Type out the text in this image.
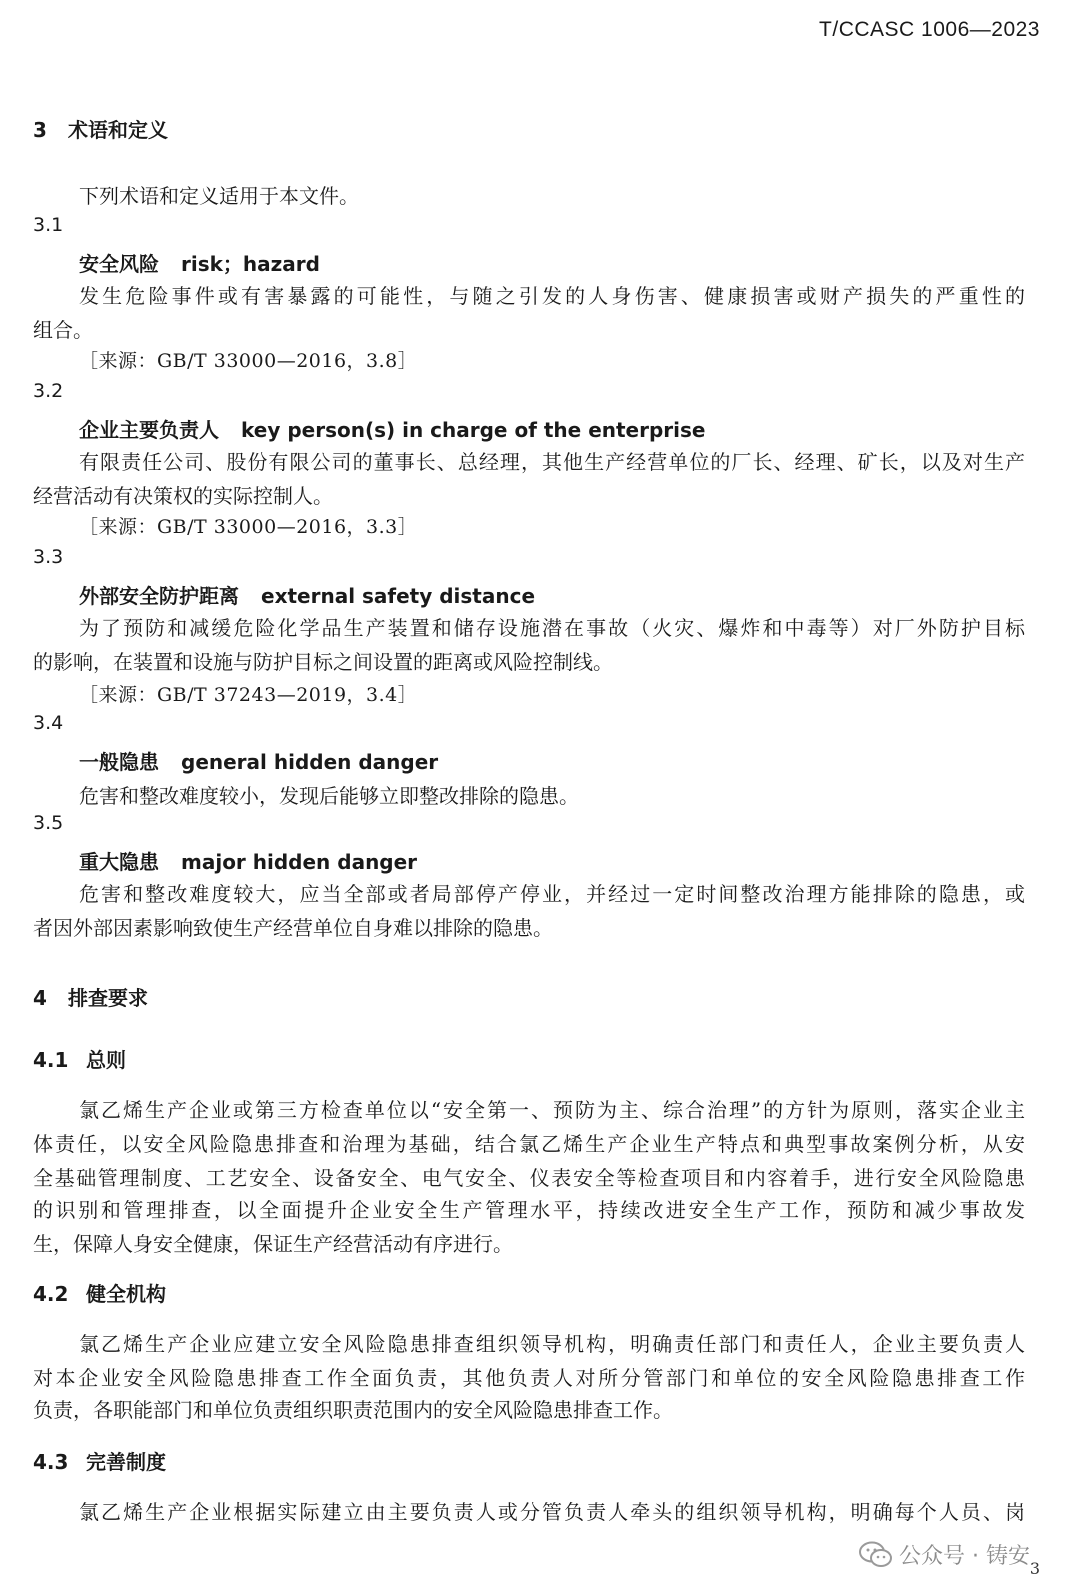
T/CCASC 1006—2023
3 术语和定义
下列术语和定义适用于本文件。
3.1
安全风险 risk；hazard
发生危险事件或有害暴露的可能性，与随之引发的人身伤害、健康损害或财产损失的严重性的
组合。
［来源：GB/T 33000—2016，3.8］
3.2
企业主要负责人 key person(s) in charge of the enterprise
有限责任公司、股份有限公司的董事长、总经理，其他生产经营单位的厂长、经理、矿长，以及对生产
经营活动有决策权的实际控制人。
［来源：GB/T 33000—2016，3.3］
3.3
外部安全防护距离 external safety distance
为了预防和减缓危险化学品生产装置和储存设施潜在事故（火灾、爆炸和中毒等）对厂外防护目标
的影响，在装置和设施与防护目标之间设置的距离或风险控制线。
［来源：GB/T 37243—2019，3.4］
3.4
一般隐患 general hidden danger
危害和整改难度较小，发现后能够立即整改排除的隐患。
3.5
重大隐患 major hidden danger
危害和整改难度较大，应当全部或者局部停产停业，并经过一定时间整改治理方能排除的隐患，或
者因外部因素影响致使生产经营单位自身难以排除的隐患。
4 排查要求
4.1 总则
氯乙烯生产企业或第三方检查单位以“安全第一、预防为主、综合治理”的方针为原则，落实企业主
体责任，以安全风险隐患排查和治理为基础，结合氯乙烯生产企业生产特点和典型事故案例分析，从安
全基础管理制度、工艺安全、设备安全、电气安全、仪表安全等检查项目和内容着手，进行安全风险隐患
的识别和管理排查，以全面提升企业安全生产管理水平，持续改进安全生产工作，预防和减少事故发
生，保障人身安全健康，保证生产经营活动有序进行。
4.2 健全机构
氯乙烯生产企业应建立安全风险隐患排查组织领导机构，明确责任部门和责任人，企业主要负责人
对本企业安全风险隐患排查工作全面负责，其他负责人对所分管部门和单位的安全风险隐患排查工作
负责，各职能部门和单位负责组织职责范围内的安全风险隐患排查工作。
4.3 完善制度
氯乙烯生产企业根据实际建立由主要负责人或分管负责人牵头的组织领导机构，明确每个人员、岗
公众号 · 铸安 3
